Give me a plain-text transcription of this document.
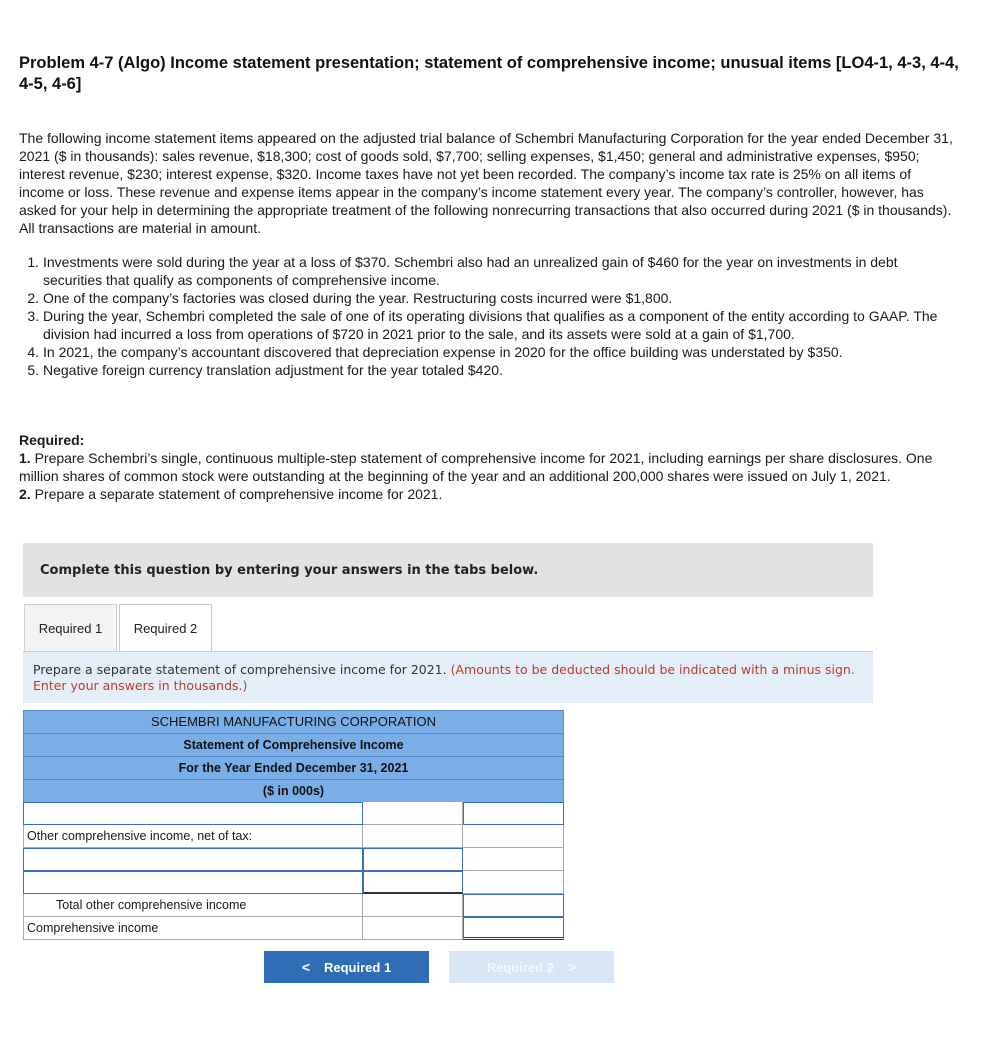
Problem 4-7 (Algo) Income statement presentation; statement of comprehensive income; unusual items [LO4-1, 4-3, 4-4, 4-5, 4-6]

The following income statement items appeared on the adjusted trial balance of Schembri Manufacturing Corporation for the year ended December 31, 2021 ($ in thousands): sales revenue, $18,300; cost of goods sold, $7,700; selling expenses, $1,450; general and administrative expenses, $950; interest revenue, $230; interest expense, $320. Income taxes have not yet been recorded. The company’s income tax rate is 25% on all items of income or loss. These revenue and expense items appear in the company’s income statement every year. The company’s controller, however, has asked for your help in determining the appropriate treatment of the following nonrecurring transactions that also occurred during 2021 ($ in thousands). All transactions are material in amount.

1. Investments were sold during the year at a loss of $370. Schembri also had an unrealized gain of $460 for the year on investments in debt securities that qualify as components of comprehensive income.
2. One of the company’s factories was closed during the year. Restructuring costs incurred were $1,800.
3. During the year, Schembri completed the sale of one of its operating divisions that qualifies as a component of the entity according to GAAP. The division had incurred a loss from operations of $720 in 2021 prior to the sale, and its assets were sold at a gain of $1,700.
4. In 2021, the company’s accountant discovered that depreciation expense in 2020 for the office building was understated by $350.
5. Negative foreign currency translation adjustment for the year totaled $420.
Required:
1. Prepare Schembri’s single, continuous multiple-step statement of comprehensive income for 2021, including earnings per share disclosures. One million shares of common stock were outstanding at the beginning of the year and an additional 200,000 shares were issued on July 1, 2021.
2. Prepare a separate statement of comprehensive income for 2021.
Complete this question by entering your answers in the tabs below.
Required 1	Required 2
Prepare a separate statement of comprehensive income for 2021. (Amounts to be deducted should be indicated with a minus sign. Enter your answers in thousands.)
SCHEMBRI MANUFACTURING CORPORATION
Statement of Comprehensive Income
For the Year Ended December 31, 2021
($ in 000s)
Other comprehensive income, net of tax:
Total other comprehensive income
Comprehensive income
< Required 1	Required 2 >
